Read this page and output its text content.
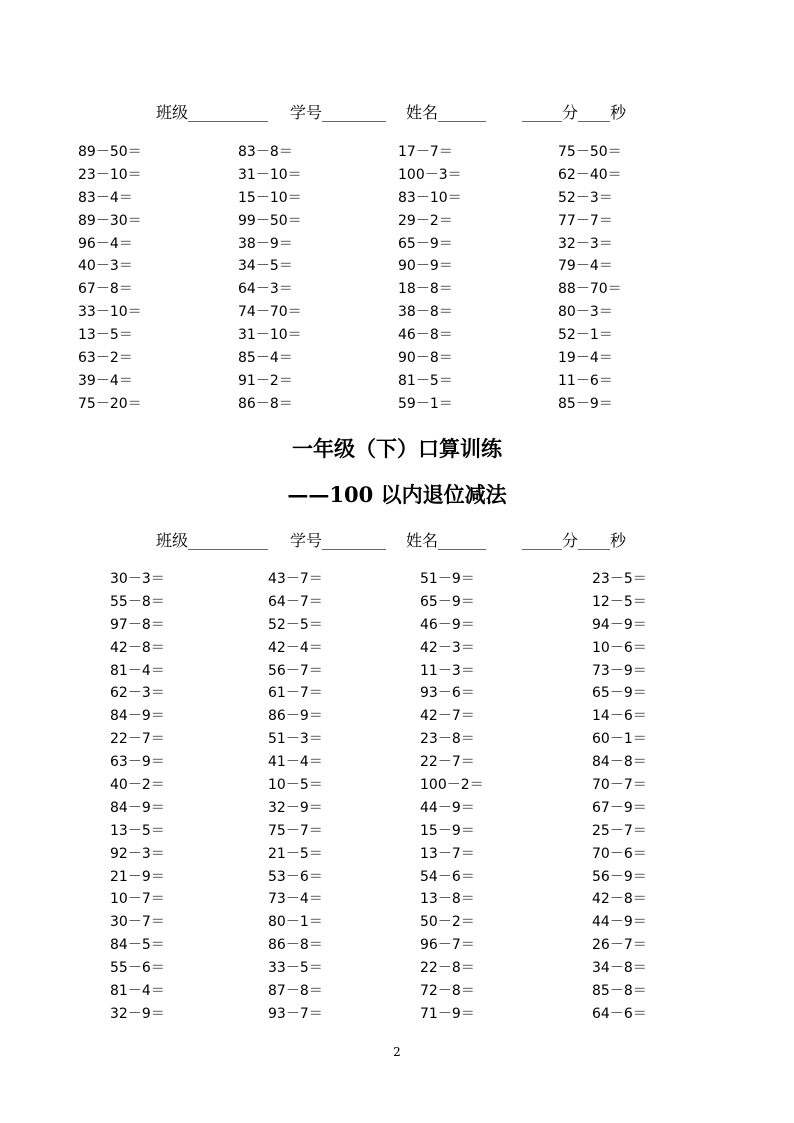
班级__________ 学号________ 姓名______ _____分____秒
89－50＝	83－8＝	17－7＝	75－50＝
23－10＝	31－10＝	100－3＝	62－40＝
83－4＝	15－10＝	83－10＝	52－3＝
89－30＝	99－50＝	29－2＝	77－7＝
96－4＝	38－9＝	65－9＝	32－3＝
40－3＝	34－5＝	90－9＝	79－4＝
67－8＝	64－3＝	18－8＝	88－70＝
33－10＝	74－70＝	38－8＝	80－3＝
13－5＝	31－10＝	46－8＝	52－1＝
63－2＝	85－4＝	90－8＝	19－4＝
39－4＝	91－2＝	81－5＝	11－6＝
75－20＝	86－8＝	59－1＝	85－9＝
一年级（下）口算训练
——100 以内退位减法
班级__________ 学号________ 姓名______ _____分____秒
30－3＝	43－7＝	51－9＝	23－5＝
55－8＝	64－7＝	65－9＝	12－5＝
97－8＝	52－5＝	46－9＝	94－9＝
42－8＝	42－4＝	42－3＝	10－6＝
81－4＝	56－7＝	11－3＝	73－9＝
62－3＝	61－7＝	93－6＝	65－9＝
84－9＝	86－9＝	42－7＝	14－6＝
22－7＝	51－3＝	23－8＝	60－1＝
63－9＝	41－4＝	22－7＝	84－8＝
40－2＝	10－5＝	100－2＝	70－7＝
84－9＝	32－9＝	44－9＝	67－9＝
13－5＝	75－7＝	15－9＝	25－7＝
92－3＝	21－5＝	13－7＝	70－6＝
21－9＝	53－6＝	54－6＝	56－9＝
10－7＝	73－4＝	13－8＝	42－8＝
30－7＝	80－1＝	50－2＝	44－9＝
84－5＝	86－8＝	96－7＝	26－7＝
55－6＝	33－5＝	22－8＝	34－8＝
81－4＝	87－8＝	72－8＝	85－8＝
32－9＝	93－7＝	71－9＝	64－6＝
2
